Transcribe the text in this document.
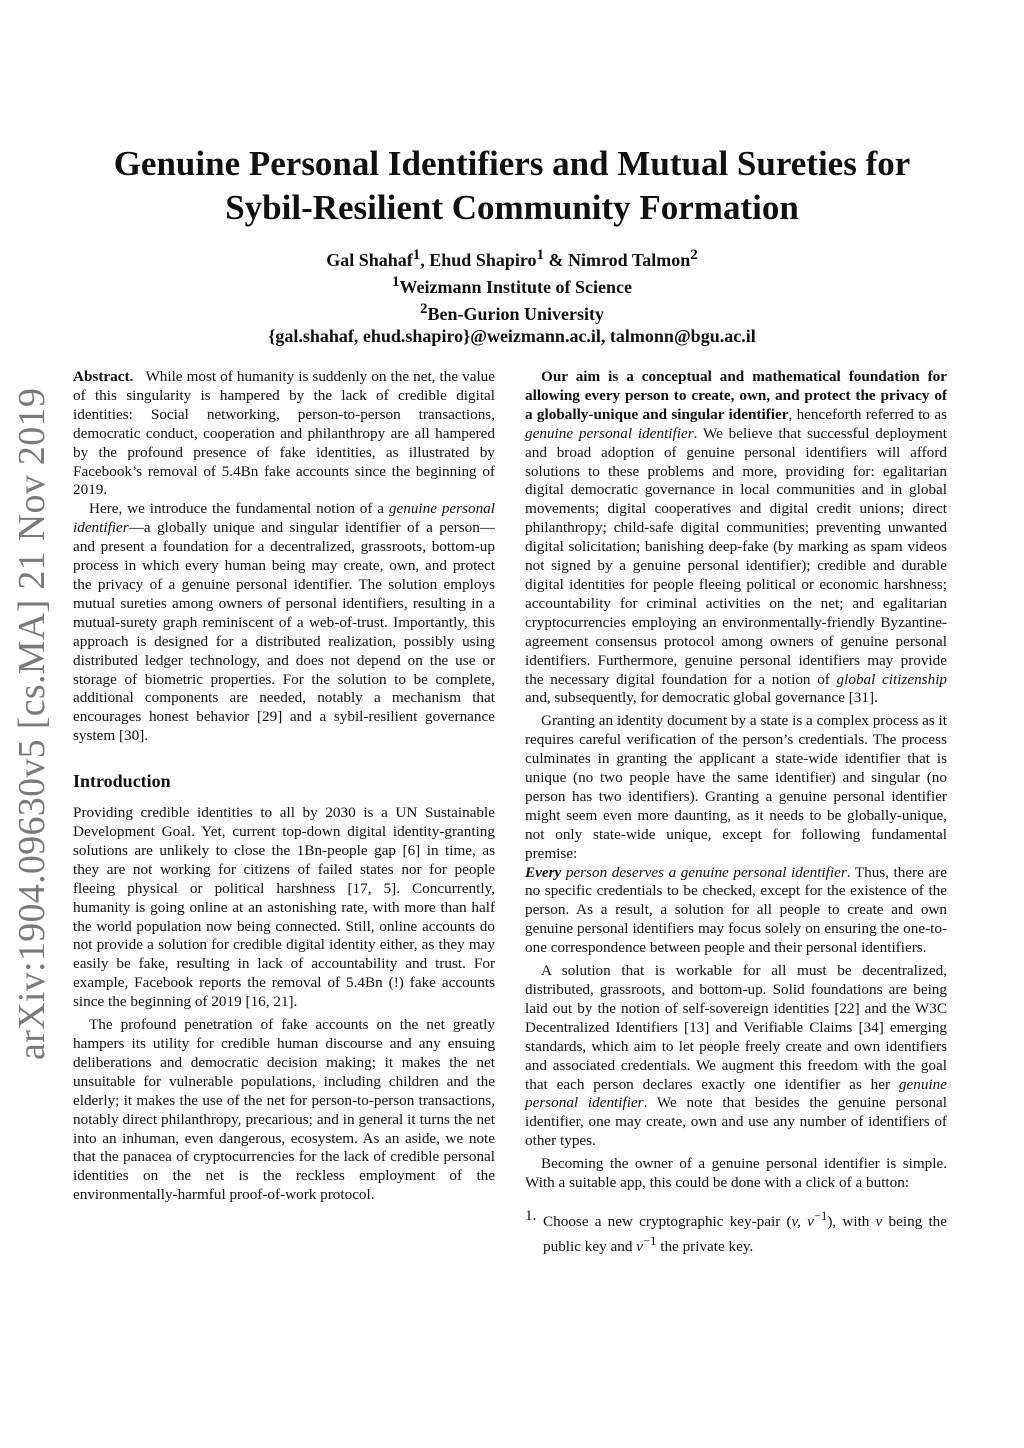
arXiv:1904.09630v5 [cs.MA] 21 Nov 2019
Genuine Personal Identifiers and Mutual Sureties for
Sybil-Resilient Community Formation
Gal Shahaf$^1$, Ehud Shapiro$^1$ & Nimrod Talmon$^2$
$^1$Weizmann Institute of Science
$^2$Ben-Gurion University
{gal.shahaf, ehud.shapiro}@weizmann.ac.il, talmonn@bgu.ac.il

Abstract. While most of humanity is suddenly on the net, the value of this singularity is hampered by the lack of credible digital identities: Social networking, person-to-person transactions, democratic conduct, cooperation and philanthropy are all hampered by the profound presence of fake identities, as illustrated by Facebook’s removal of 5.4Bn fake accounts since the beginning of 2019.

Here, we introduce the fundamental notion of a genuine personal identifier—a globally unique and singular identifier of a person—and present a foundation for a decentralized, grassroots, bottom-up process in which every human being may create, own, and protect the privacy of a genuine personal identifier. The solution employs mutual sureties among owners of personal identifiers, resulting in a mutual-surety graph reminiscent of a web-of-trust. Importantly, this approach is designed for a distributed realization, possibly using distributed ledger technology, and does not depend on the use or storage of biometric properties. For the solution to be complete, additional components are needed, notably a mechanism that encourages honest behavior [29] and a sybil-resilient governance system [30].

Introduction

Providing credible identities to all by 2030 is a UN Sustainable Development Goal. Yet, current top-down digital identity-granting solutions are unlikely to close the 1Bn-people gap [6] in time, as they are not working for citizens of failed states nor for people fleeing physical or political harshness [17, 5]. Concurrently, humanity is going online at an astonishing rate, with more than half the world population now being connected. Still, online accounts do not provide a solution for credible digital identity either, as they may easily be fake, resulting in lack of accountability and trust. For example, Facebook reports the removal of 5.4Bn (!) fake accounts since the beginning of 2019 [16, 21].

The profound penetration of fake accounts on the net greatly hampers its utility for credible human discourse and any ensuing deliberations and democratic decision making; it makes the net unsuitable for vulnerable populations, including children and the elderly; it makes the use of the net for person-to-person transactions, notably direct philanthropy, precarious; and in general it turns the net into an inhuman, even dangerous, ecosystem. As an aside, we note that the panacea of cryptocurrencies for the lack of credible personal identities on the net is the reckless employment of the environmentally-harmful proof-of-work protocol.

Our aim is a conceptual and mathematical foundation for allowing every person to create, own, and protect the privacy of a globally-unique and singular identifier, henceforth referred to as genuine personal identifier. We believe that successful deployment and broad adoption of genuine personal identifiers will afford solutions to these problems and more, providing for: egalitarian digital democratic governance in local communities and in global movements; digital cooperatives and digital credit unions; direct philanthropy; child-safe digital communities; preventing unwanted digital solicitation; banishing deep-fake (by marking as spam videos not signed by a genuine personal identifier); credible and durable digital identities for people fleeing political or economic harshness; accountability for criminal activities on the net; and egalitarian cryptocurrencies employing an environmentally-friendly Byzantine-agreement consensus protocol among owners of genuine personal identifiers. Furthermore, genuine personal identifiers may provide the necessary digital foundation for a notion of global citizenship and, subsequently, for democratic global governance [31].

Granting an identity document by a state is a complex process as it requires careful verification of the person’s credentials. The process culminates in granting the applicant a state-wide identifier that is unique (no two people have the same identifier) and singular (no person has two identifiers). Granting a genuine personal identifier might seem even more daunting, as it needs to be globally-unique, not only state-wide unique, except for following fundamental premise:

Every person deserves a genuine personal identifier. Thus, there are no specific credentials to be checked, except for the existence of the person. As a result, a solution for all people to create and own genuine personal identifiers may focus solely on ensuring the one-to-one correspondence between people and their personal identifiers.

A solution that is workable for all must be decentralized, distributed, grassroots, and bottom-up. Solid foundations are being laid out by the notion of self-sovereign identities [22] and the W3C Decentralized Identifiers [13] and Verifiable Claims [34] emerging standards, which aim to let people freely create and own identifiers and associated credentials. We augment this freedom with the goal that each person declares exactly one identifier as her genuine personal identifier. We note that besides the genuine personal identifier, one may create, own and use any number of identifiers of other types.

Becoming the owner of a genuine personal identifier is simple. With a suitable app, this could be done with a click of a button:

1. Choose a new cryptographic key-pair (v, $v^{-1}$), with v being the public key and $v^{-1}$ the private key.
